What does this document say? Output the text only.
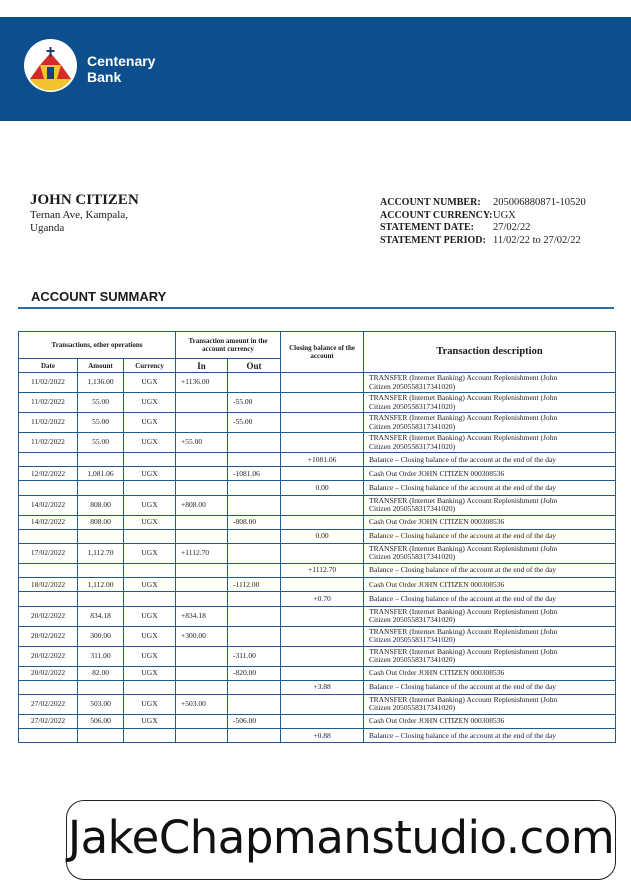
Centenary
Bank
JOHN CITIZEN
Ternan Ave, Kampala,
Uganda
ACCOUNT NUMBER:	205006880871-10520
ACCOUNT CURRENCY: UGX
STATEMENT DATE:	27/02/22
STATEMENT PERIOD: 11/02/22 to 27/02/22
ACCOUNT SUMMARY
Transactions, other operations			Transaction amount in the account currency		Closing balance of the account	Transaction description
Date	Amount	Currency	In	Out		
11/02/2022	1,136.00	UGX	+1136.00			TRANSFER (Internet Banking) Account Replenishment (John
Citizen 2050558317341020)

11/02/2022	55.00	UGX		-55.00		TRANSFER (Internet Banking) Account Replenishment (John
Citizen 2050558317341020)

11/02/2022	55.00	UGX		-55.00		TRANSFER (Internet Banking) Account Replenishment (John
Citizen 2050558317341020)

11/02/2022	55.00	UGX	+55.00			TRANSFER (Internet Banking) Account Replenishment (John
Citizen 2050558317341020)

					+1081.06	Balance – Closing balance of the account at the end of the day

12/02/2022	1,081.06	UGX		-1081.06		Cash Out Order JOHN CITIZEN 000308536

					0.00	Balance – Closing balance of the account at the end of the day

14/02/2022	808.00	UGX	+808.00			TRANSFER (Internet Banking) Account Replenishment (John
Citizen 2050558317341020)

14/02/2022	808.00	UGX		-808.00		Cash Out Order JOHN CITIZEN 000308536

					0.00	Balance – Closing balance of the account at the end of the day

17/02/2022	1,112.70	UGX	+1112.70			TRANSFER (Internet Banking) Account Replenishment (John
Citizen 2050558317341020)

					+1112.70	Balance – Closing balance of the account at the end of the day

18/02/2022	1,112.00	UGX		-1112.00		Cash Out Order JOHN CITIZEN 000308536

					+0.70	Balance – Closing balance of the account at the end of the day

20/02/2022	834.18	UGX	+834.18			TRANSFER (Internet Banking) Account Replenishment (John
Citizen 2050558317341020)

20/02/2022	300.00	UGX	+300.00			TRANSFER (Internet Banking) Account Replenishment (John
Citizen 2050558317341020)

20/02/2022	311.00	UGX		-311.00		TRANSFER (Internet Banking) Account Replenishment (John
Citizen 2050558317341020)

20/02/2022	82.00	UGX		-820.00		Cash Out Order JOHN CITIZEN 000308536

					+3.88	Balance – Closing balance of the account at the end of the day

27/02/2022	503.00	UGX	+503.00			TRANSFER (Internet Banking) Account Replenishment (John
Citizen 2050558317341020)

27/02/2022	506.00	UGX		-506.00		Cash Out Order JOHN CITIZEN 000308536

					+0.88	Balance – Closing balance of the account at the end of the day
JakeChapmanstudio.com
